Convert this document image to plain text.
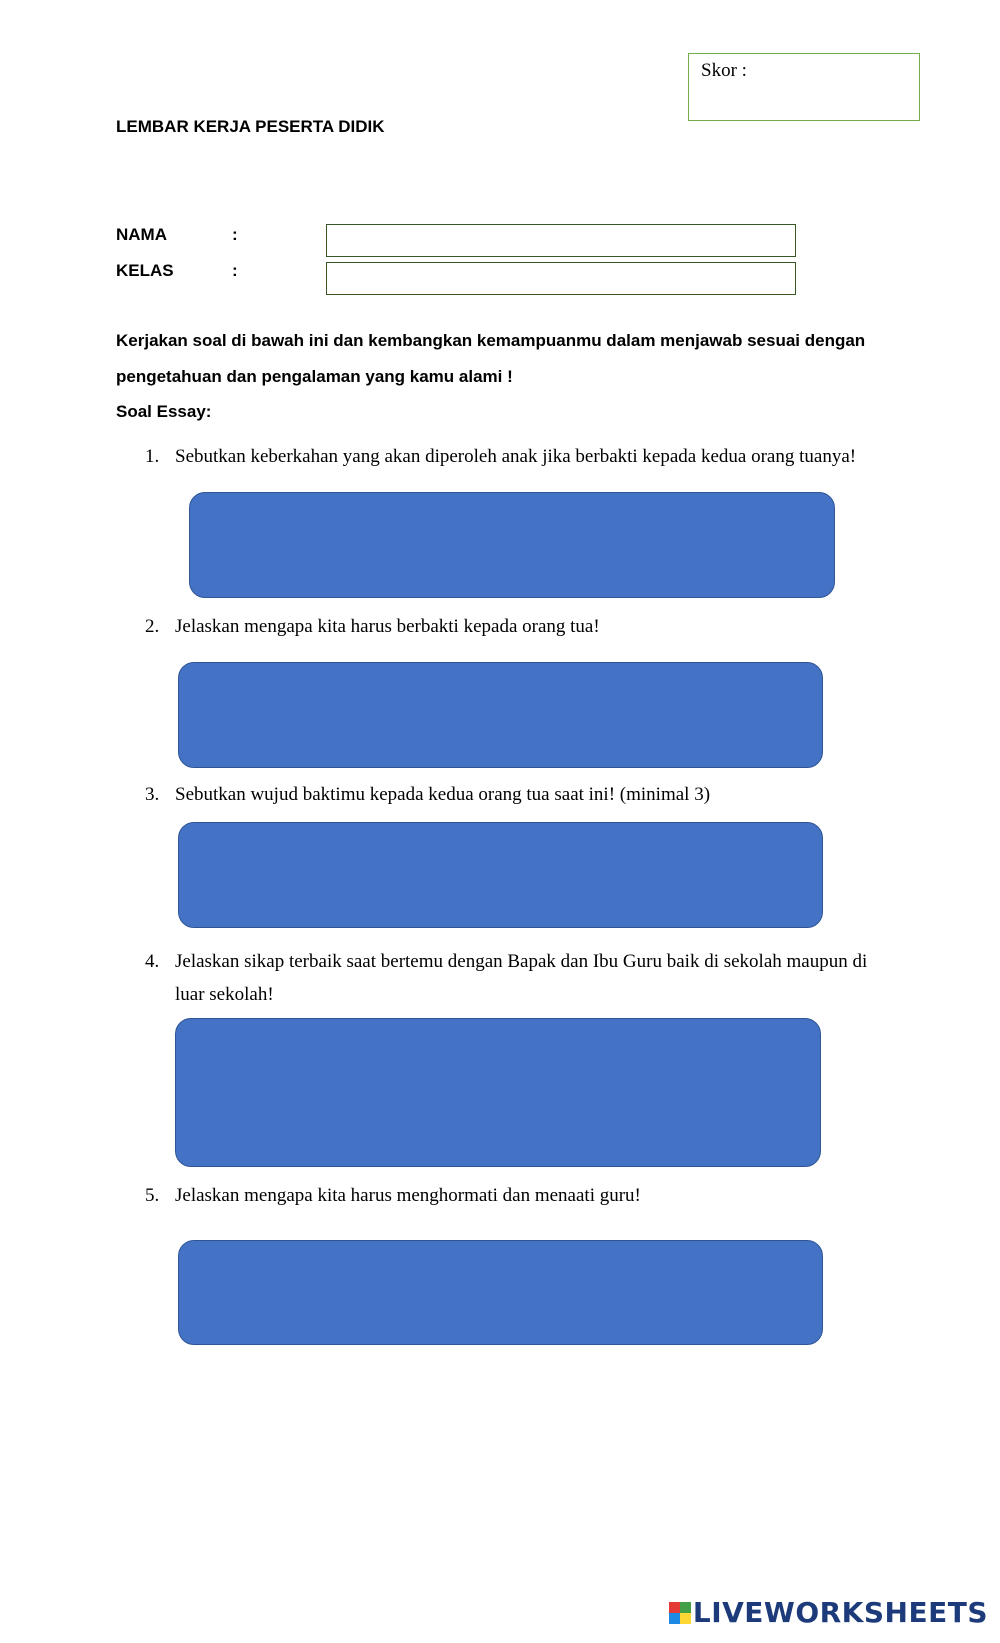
Skor :
LEMBAR KERJA PESERTA DIDIK
NAMA	:
KELAS	:
Kerjakan soal di bawah ini dan kembangkan kemampuanmu dalam menjawab sesuai dengan
pengetahuan dan pengalaman yang kamu alami !
Soal Essay:
1. Sebutkan keberkahan yang akan diperoleh anak jika berbakti kepada kedua orang tuanya!
2. Jelaskan mengapa kita harus berbakti kepada orang tua!
3. Sebutkan wujud baktimu kepada kedua orang tua saat ini! (minimal 3)
4. Jelaskan sikap terbaik saat bertemu dengan Bapak dan Ibu Guru baik di sekolah maupun di luar sekolah!
5. Jelaskan mengapa kita harus menghormati dan menaati guru!
LIVEWORKSHEETS
